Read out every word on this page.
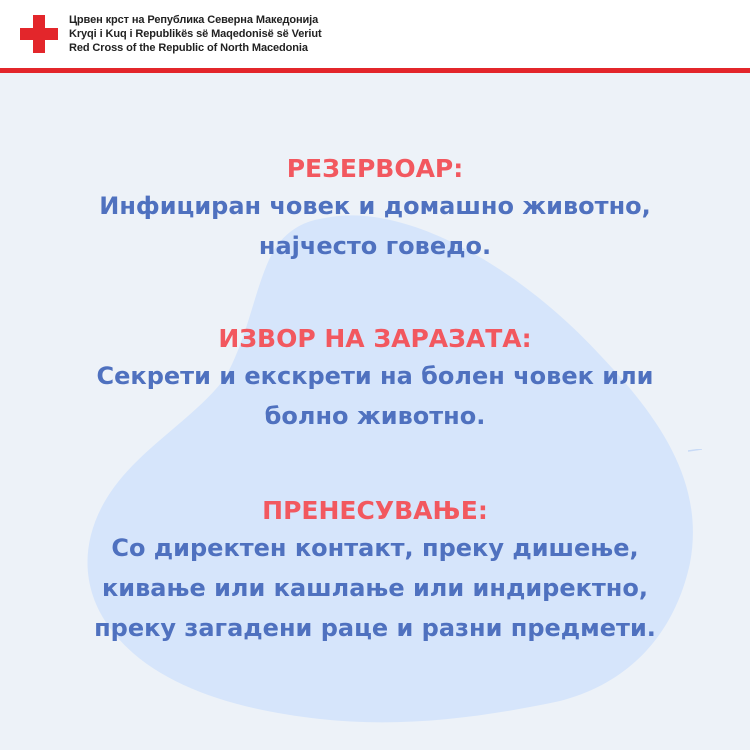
Црвен крст на Република Северна Македонија
Kryqi i Kuq i Republikës së Maqedonisë së Veriut
Red Cross of the Republic of North Macedonia
РЕЗЕРВОАР:
Инфициран човек и домашно животно,
најчесто говедо.
ИЗВОР НА ЗАРАЗАТА:
Секрети и екскрети на болен човек или
болно животно.
ПРЕНЕСУВАЊЕ:
Со директен контакт, преку дишење,
кивање или кашлање или индиректно,
преку загадени раце и разни предмети.
